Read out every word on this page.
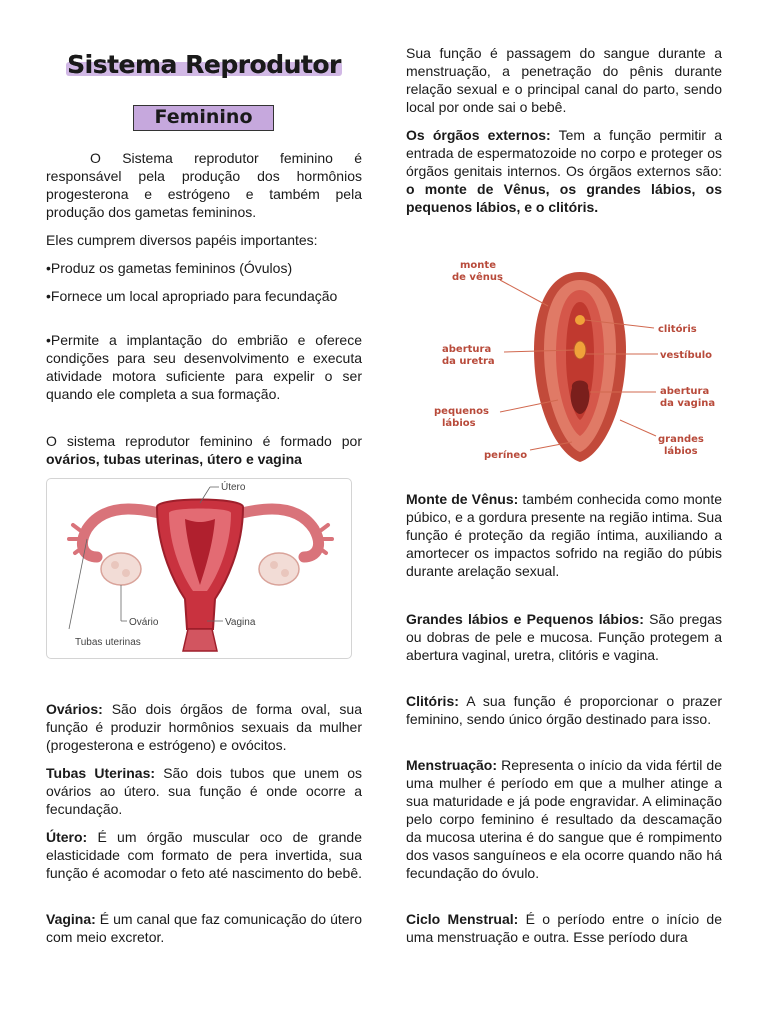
Sistema Reprodutor
Feminino

O Sistema reprodutor feminino é responsável pela produção dos hormônios progesterona e estrógeno e também pela produção dos gametas femininos.

Eles cumprem diversos papéis importantes:

•Produz os gametas femininos (Óvulos)

•Fornece um local apropriado para fecundação

•Permite a implantação do embrião e oferece condições para seu desenvolvimento e executa atividade motora suficiente para expelir o ser quando ele completa a sua formação.

O sistema reprodutor feminino é formado por ovários, tubas uterinas, útero e vagina

Útero
Ovário	Vagina
Tubas uterinas

Ovários: São dois órgãos de forma oval, sua função é produzir hormônios sexuais da mulher (progesterona e estrógeno) e ovócitos.

Tubas Uterinas: São dois tubos que unem os ovários ao útero. sua função é onde ocorre a fecundação.

Útero: É um órgão muscular oco de grande elasticidade com formato de pera invertida, sua função é acomodar o feto até nascimento do bebê.

Vagina: É um canal que faz comunicação do útero com meio excretor.

Sua função é passagem do sangue durante a menstruação, a penetração do pênis durante relação sexual e o principal canal do parto, sendo local por onde sai o bebê.

Os órgãos externos: Tem a função permitir a entrada de espermatozoide no corpo e proteger os órgãos genitais internos. Os órgãos externos são: o monte de Vênus, os grandes lábios, os pequenos lábios, e o clitóris.

monte
de vênus
clitóris
abertura
da uretra
vestíbulo
abertura
da vagina
pequenos
lábios
grandes
lábios
períneo

Monte de Vênus: também conhecida como monte púbico, e a gordura presente na região intima. Sua função é proteção da região íntima, auxiliando a amortecer os impactos sofrido na região do púbis durante arelação sexual.

Grandes lábios e Pequenos lábios: São pregas ou dobras de pele e mucosa. Função protegem a abertura vaginal, uretra, clitóris e vagina.

Clitóris: A sua função é proporcionar o prazer feminino, sendo único órgão destinado para isso.

Menstruação: Representa o início da vida fértil de uma mulher é período em que a mulher atinge a sua maturidade e já pode engravidar. A eliminação pelo corpo feminino é resultado da descamação da mucosa uterina é do sangue que é rompimento dos vasos sanguíneos e ela ocorre quando não há fecundação do óvulo.

Ciclo Menstrual: É o período entre o início de uma menstruação e outra. Esse período dura
